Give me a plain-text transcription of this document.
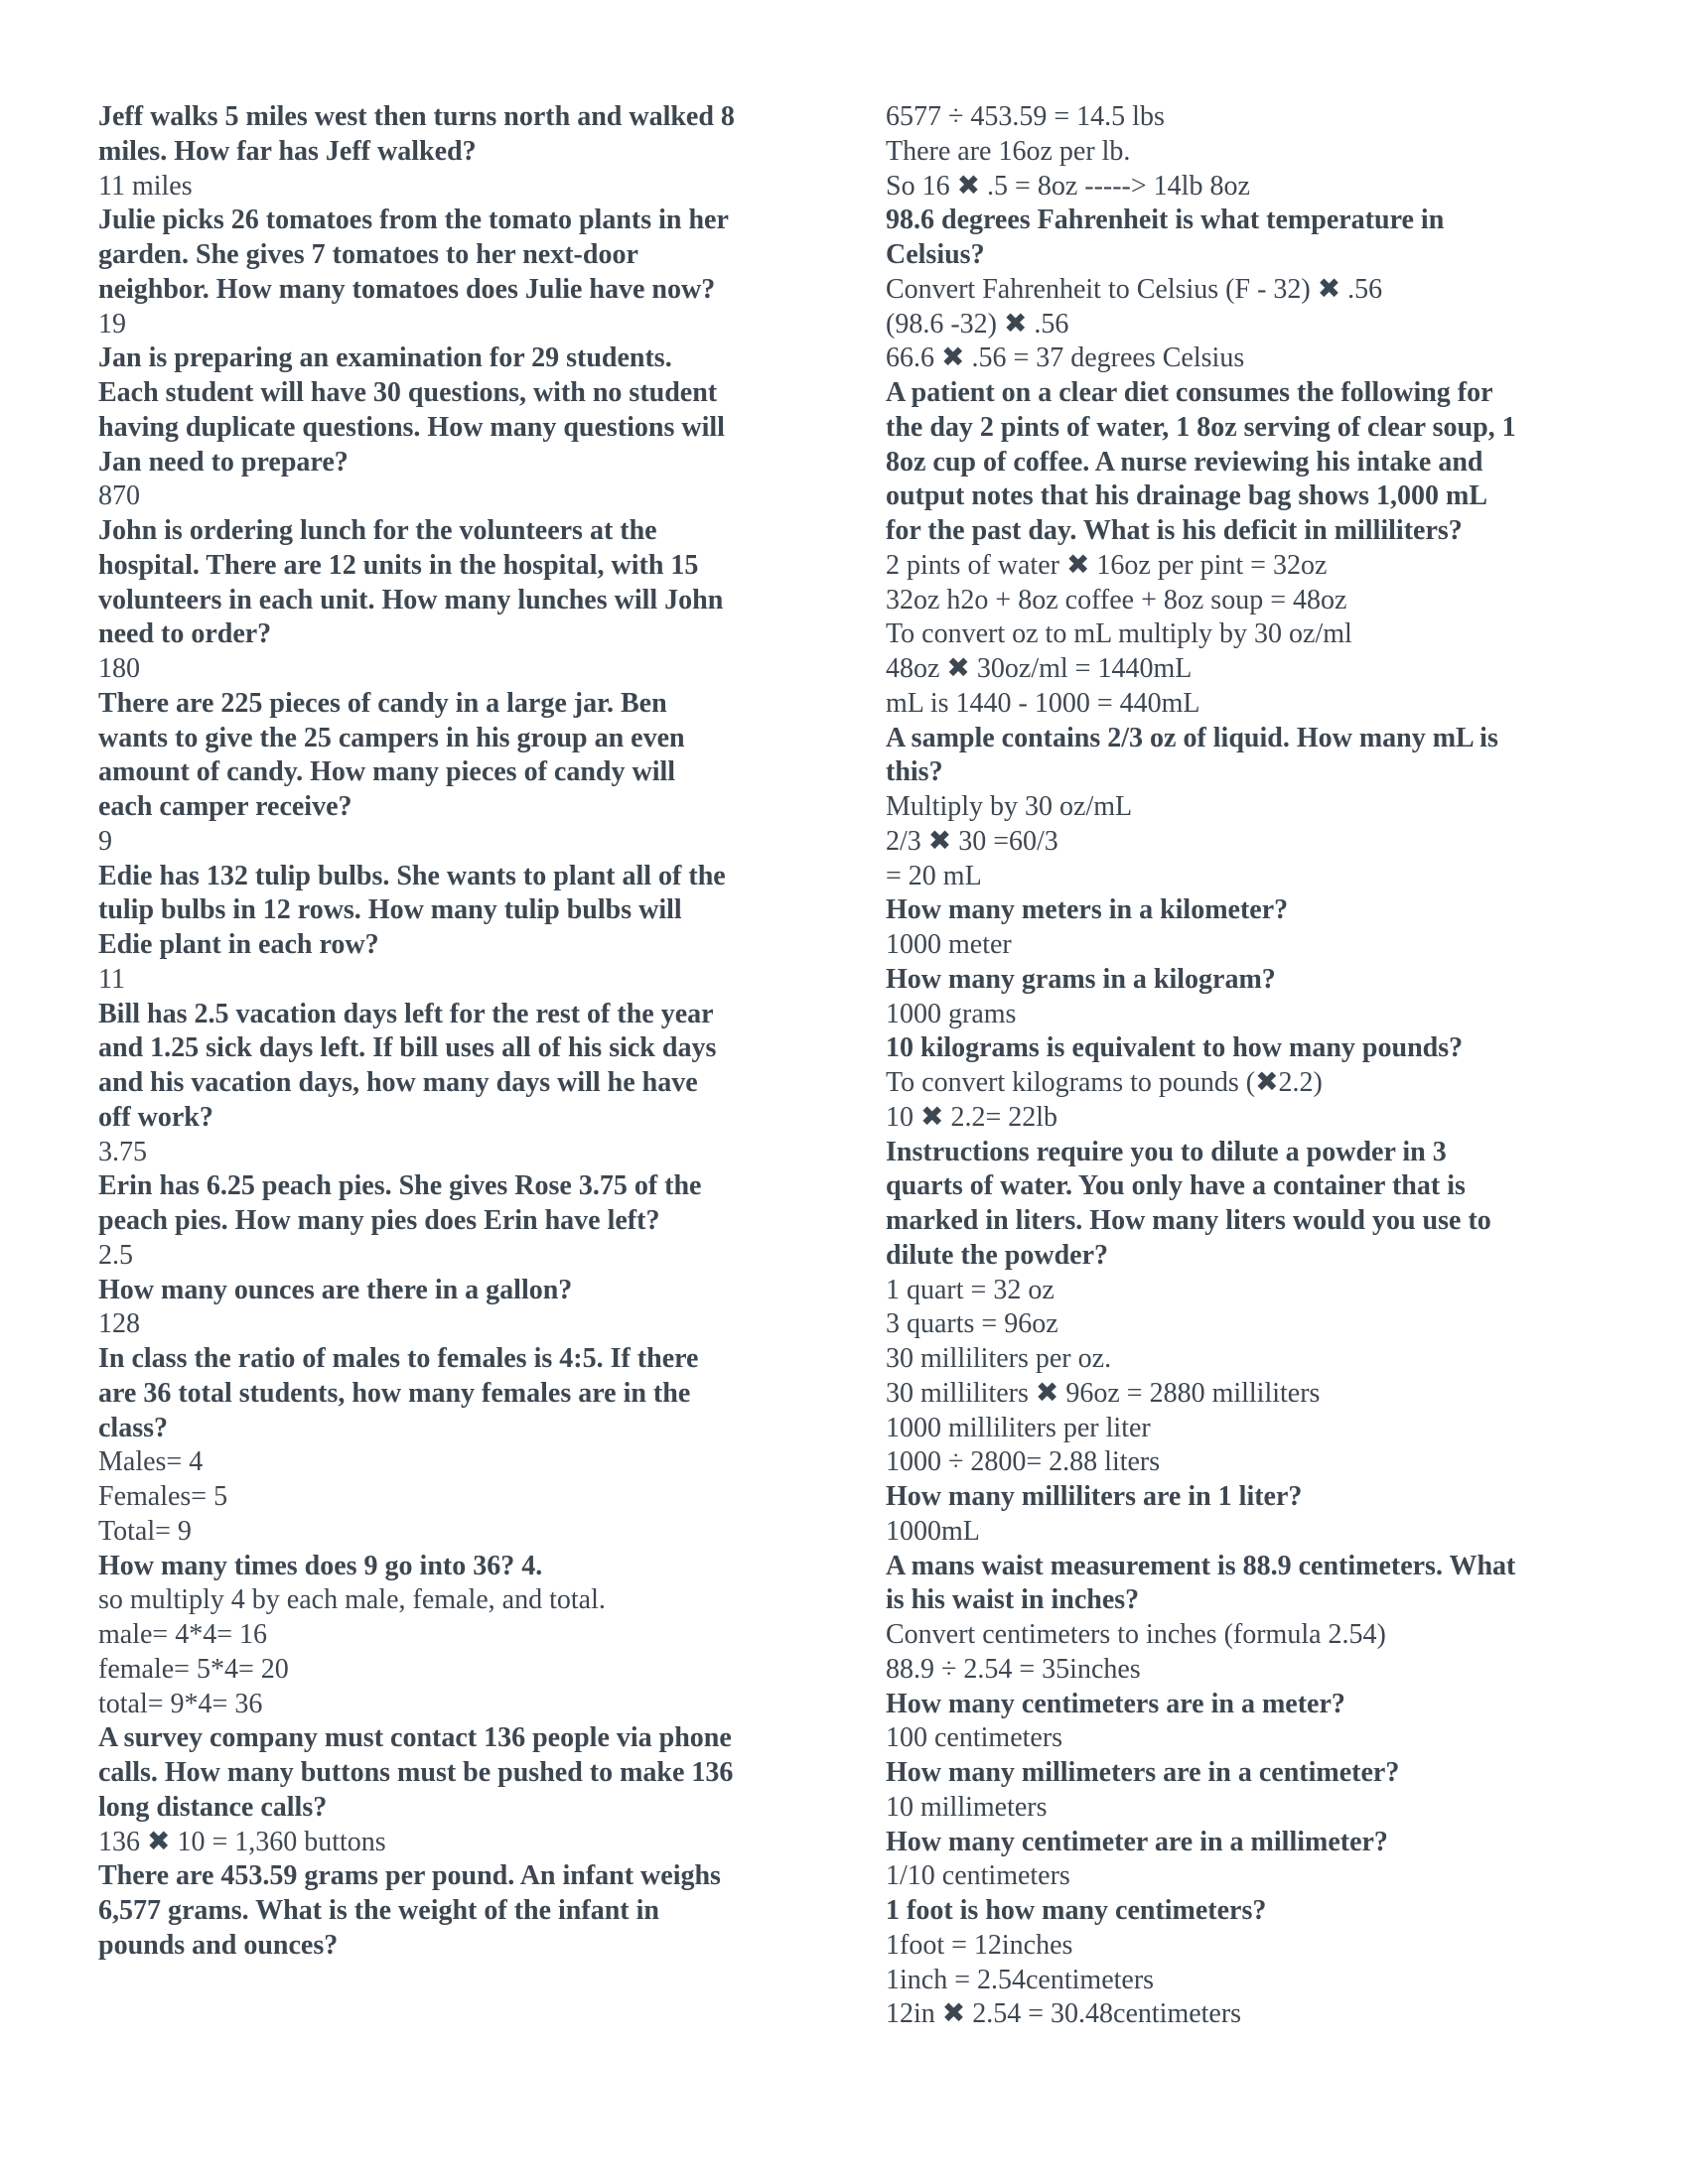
Jeff walks 5 miles west then turns north and walked 8
miles. How far has Jeff walked?
11 miles
Julie picks 26 tomatoes from the tomato plants in her
garden. She gives 7 tomatoes to her next-door
neighbor. How many tomatoes does Julie have now?
19
Jan is preparing an examination for 29 students.
Each student will have 30 questions, with no student
having duplicate questions. How many questions will
Jan need to prepare?
870
John is ordering lunch for the volunteers at the
hospital. There are 12 units in the hospital, with 15
volunteers in each unit. How many lunches will John
need to order?
180
There are 225 pieces of candy in a large jar. Ben
wants to give the 25 campers in his group an even
amount of candy. How many pieces of candy will
each camper receive?
9
Edie has 132 tulip bulbs. She wants to plant all of the
tulip bulbs in 12 rows. How many tulip bulbs will
Edie plant in each row?
11
Bill has 2.5 vacation days left for the rest of the year
and 1.25 sick days left. If bill uses all of his sick days
and his vacation days, how many days will he have
off work?
3.75
Erin has 6.25 peach pies. She gives Rose 3.75 of the
peach pies. How many pies does Erin have left?
2.5
How many ounces are there in a gallon?
128
In class the ratio of males to females is 4:5. If there
are 36 total students, how many females are in the
class?
Males= 4
Females= 5
Total= 9
How many times does 9 go into 36? 4.
so multiply 4 by each male, female, and total.
male= 4*4= 16
female= 5*4= 20
total= 9*4= 36
A survey company must contact 136 people via phone
calls. How many buttons must be pushed to make 136
long distance calls?
136 ✖ 10 = 1,360 buttons
There are 453.59 grams per pound. An infant weighs
6,577 grams. What is the weight of the infant in
pounds and ounces?
6577 ÷ 453.59 = 14.5 lbs
There are 16oz per lb.
So 16 ✖ .5 = 8oz -----> 14lb 8oz
98.6 degrees Fahrenheit is what temperature in
Celsius?
Convert Fahrenheit to Celsius (F - 32) ✖ .56
(98.6 -32) ✖ .56
66.6 ✖ .56 = 37 degrees Celsius
A patient on a clear diet consumes the following for
the day 2 pints of water, 1 8oz serving of clear soup, 1
8oz cup of coffee. A nurse reviewing his intake and
output notes that his drainage bag shows 1,000 mL
for the past day. What is his deficit in milliliters?
2 pints of water ✖ 16oz per pint = 32oz
32oz h2o + 8oz coffee + 8oz soup = 48oz
To convert oz to mL multiply by 30 oz/ml
48oz ✖ 30oz/ml = 1440mL
mL is 1440 - 1000 = 440mL
A sample contains 2/3 oz of liquid. How many mL is
this?
Multiply by 30 oz/mL
2/3 ✖ 30 =60/3
= 20 mL
How many meters in a kilometer?
1000 meter
How many grams in a kilogram?
1000 grams
10 kilograms is equivalent to how many pounds?
To convert kilograms to pounds (✖2.2)
10 ✖ 2.2= 22lb
Instructions require you to dilute a powder in 3
quarts of water. You only have a container that is
marked in liters. How many liters would you use to
dilute the powder?
1 quart = 32 oz
3 quarts = 96oz
30 milliliters per oz.
30 milliliters ✖ 96oz = 2880 milliliters
1000 milliliters per liter
1000 ÷ 2800= 2.88 liters
How many milliliters are in 1 liter?
1000mL
A mans waist measurement is 88.9 centimeters. What
is his waist in inches?
Convert centimeters to inches (formula 2.54)
88.9 ÷ 2.54 = 35inches
How many centimeters are in a meter?
100 centimeters
How many millimeters are in a centimeter?
10 millimeters
How many centimeter are in a millimeter?
1/10 centimeters
1 foot is how many centimeters?
1foot = 12inches
1inch = 2.54centimeters
12in ✖ 2.54 = 30.48centimeters
